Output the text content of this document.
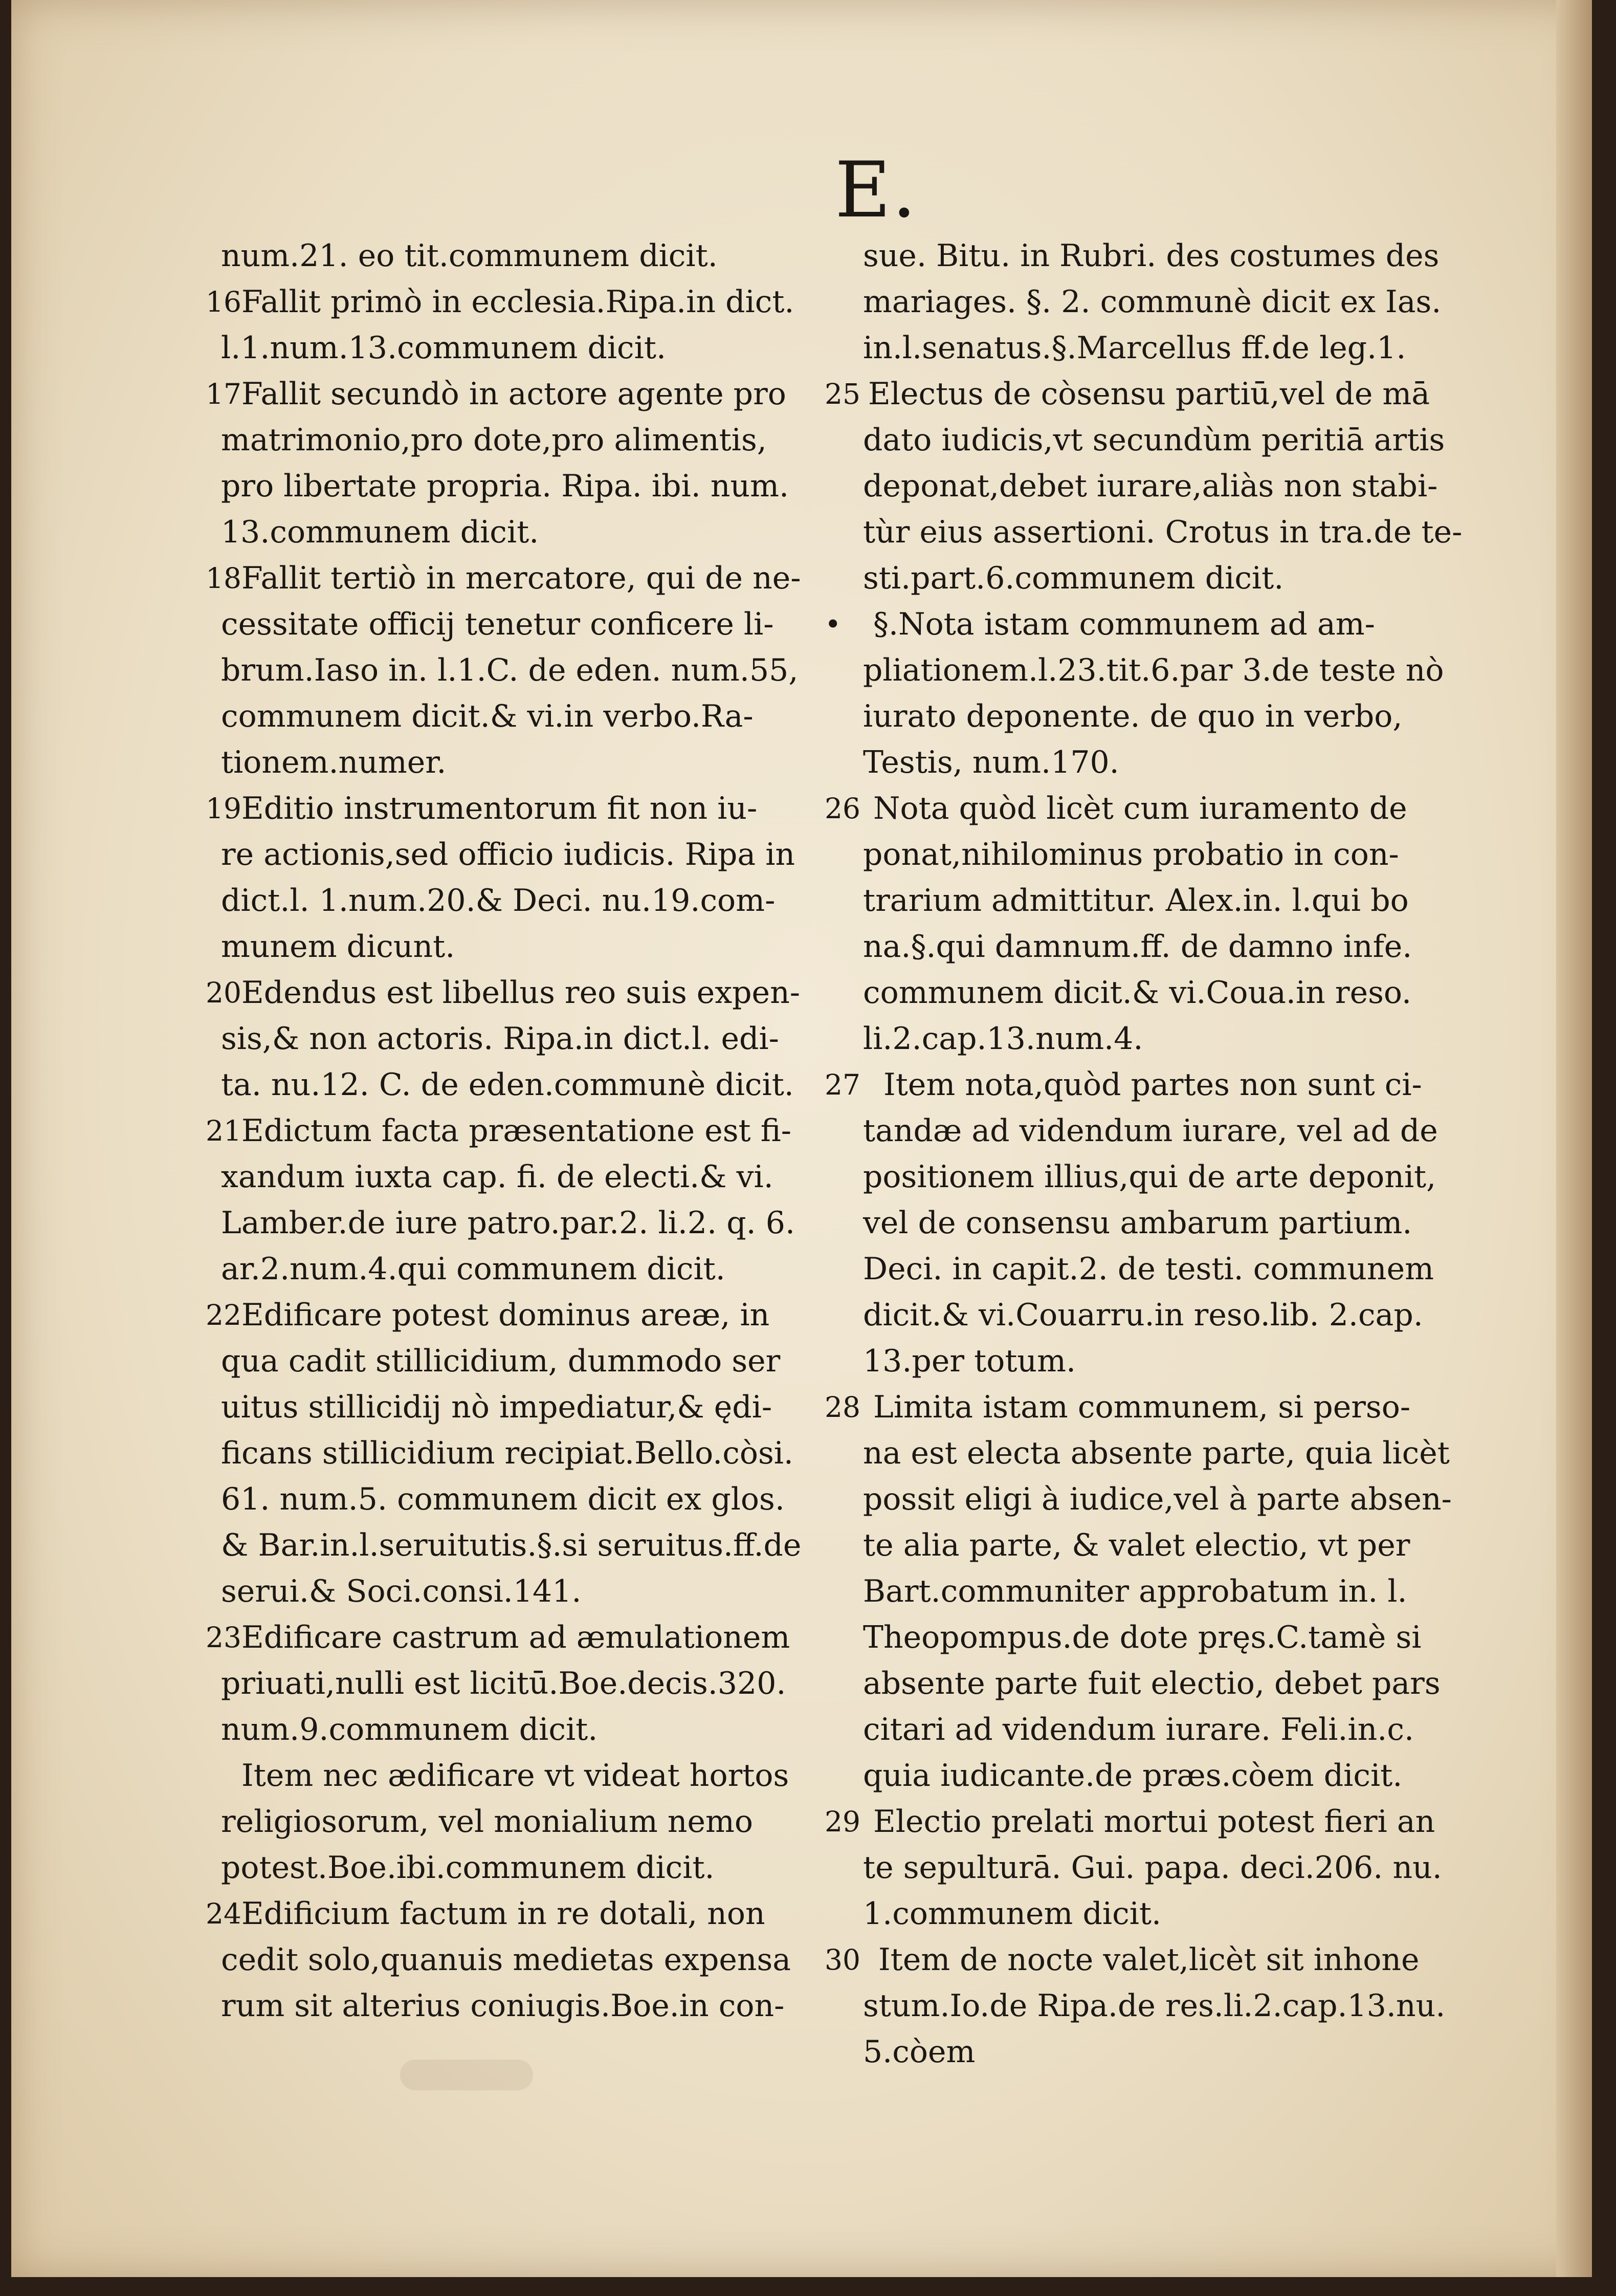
E.
num.21. eo tit.communem dicit.
Fallit primò in ecclesia.Ripa.in dict.
l.1.num.13.communem dicit.
Fallit secundò in actore agente pro
matrimonio,pro dote,pro alimentis,
pro libertate propria. Ripa. ibi. num.
13.communem dicit.
Fallit tertiò in mercatore, qui de ne-
cessitate officij tenetur conficere li-
brum.Iaso in. l.1.C. de eden. num.55,
communem dicit.& vi.in verbo.Ra-
tionem.numer.
Editio instrumentorum fit non iu-
re actionis,sed officio iudicis. Ripa in
dict.l. 1.num.20.& Deci. nu.19.com-
munem dicunt.
Edendus est libellus reo suis expen-
sis,& non actoris. Ripa.in dict.l. edi-
ta. nu.12. C. de eden.communè dicit.
Edictum facta præsentatione est fi-
xandum iuxta cap. fi. de electi.& vi.
Lamber.de iure patro.par.2. li.2. q. 6.
ar.2.num.4.qui communem dicit.
Edificare potest dominus areæ, in
qua cadit stillicidium, dummodo ser
uitus stillicidij nò impediatur,& ędi-
ficans stillicidium recipiat.Bello.còsi.
61. num.5. communem dicit ex glos.
& Bar.in.l.seruitutis.§.si seruitus.ff.de
serui.& Soci.consi.141.
Edificare castrum ad æmulationem
priuati,nulli est licitū.Boe.decis.320.
num.9.communem dicit.
Item nec ædificare vt videat hortos
religiosorum, vel monialium nemo
potest.Boe.ibi.communem dicit.
Edificium factum in re dotali, non
cedit solo,quanuis medietas expensa
rum sit alterius coniugis.Boe.in con-
16
17
18
19
20
21
22
23
24
sue. Bitu. in Rubri. des costumes des
mariages. §. 2. communè dicit ex Ias.
in.l.senatus.§.Marcellus ff.de leg.1.
Electus de còsensu partiū,vel de mā
dato iudicis,vt secundùm peritiā artis
deponat,debet iurare,aliàs non stabi-
tùr eius assertioni. Crotus in tra.de te-
sti.part.6.communem dicit.
§.Nota istam communem ad am-
pliationem.l.23.tit.6.par 3.de teste nò
iurato deponente. de quo in verbo,
Testis, num.170.
Nota quòd licèt cum iuramento de
ponat,nihilominus probatio in con-
trarium admittitur. Alex.in. l.qui bo
na.§.qui damnum.ff. de damno infe.
communem dicit.& vi.Coua.in reso.
li.2.cap.13.num.4.
Item nota,quòd partes non sunt ci-
tandæ ad videndum iurare, vel ad de
positionem illius,qui de arte deponit,
vel de consensu ambarum partium.
Deci. in capit.2. de testi. communem
dicit.& vi.Couarru.in reso.lib. 2.cap.
13.per totum.
Limita istam communem, si perso-
na est electa absente parte, quia licèt
possit eligi à iudice,vel à parte absen-
te alia parte, & valet electio, vt per
Bart.communiter approbatum in. l.
Theopompus.de dote pręs.C.tamè si
absente parte fuit electio, debet pars
citari ad videndum iurare. Feli.in.c.
quia iudicante.de præs.còem dicit.
Electio prelati mortui potest fieri an
te sepulturā. Gui. papa. deci.206. nu.
1.communem dicit.
Item de nocte valet,licèt sit inhone
stum.Io.de Ripa.de res.li.2.cap.13.nu.
5.còem
25
•
26
27
28
29
30
